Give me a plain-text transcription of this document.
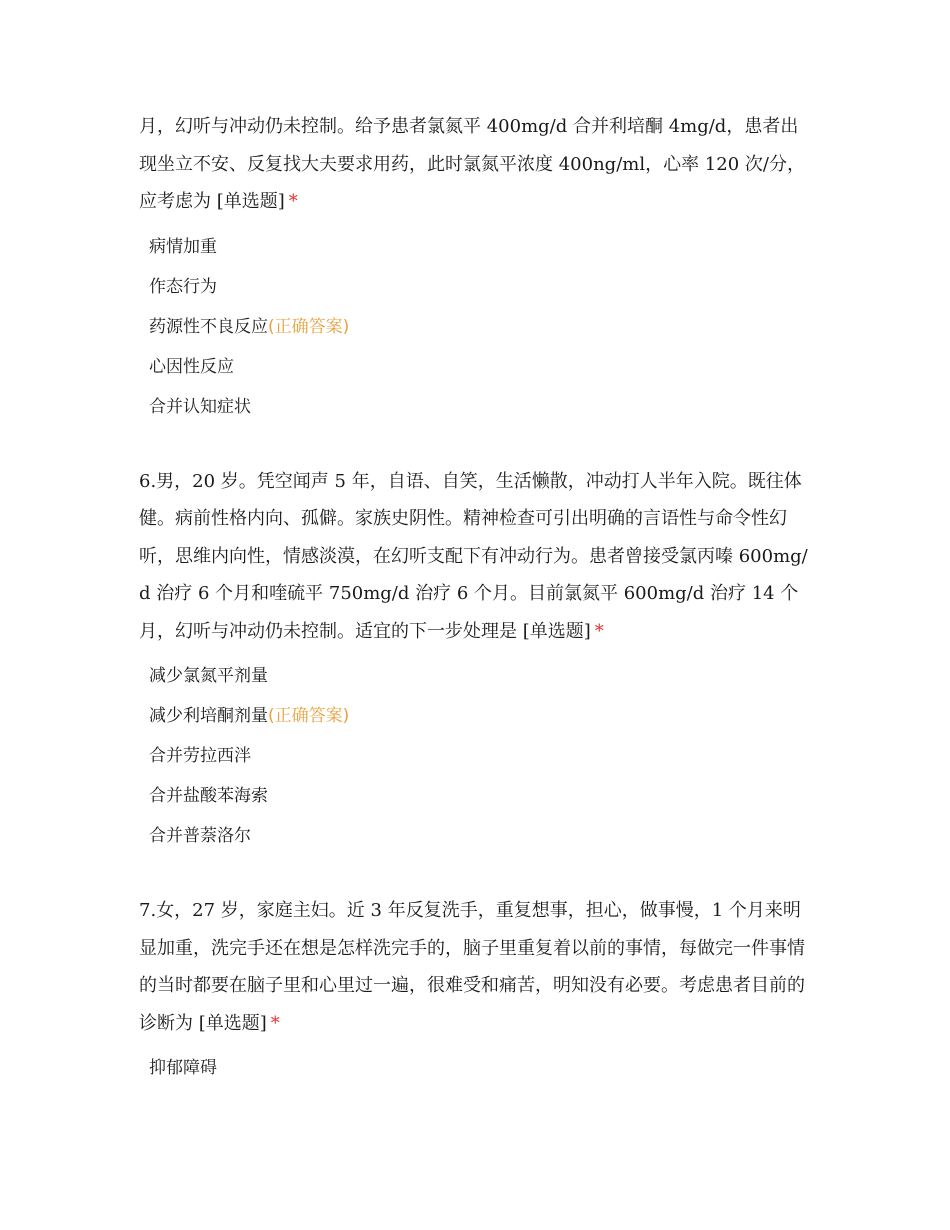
月，幻听与冲动仍未控制。给予患者氯氮平 400mg/d 合并利培酮 4mg/d，患者出现坐立不安、反复找大夫要求用药，此时氯氮平浓度 400ng/ml，心率 120 次/分，应考虑为 [单选题] *

病情加重
作态行为
药源性不良反应(正确答案)
心因性反应
合并认知症状

6.男，20 岁。凭空闻声 5 年，自语、自笑，生活懒散，冲动打人半年入院。既往体健。病前性格内向、孤僻。家族史阴性。精神检查可引出明确的言语性与命令性幻听，思维内向性，情感淡漠，在幻听支配下有冲动行为。患者曾接受氯丙嗪 600mg/d 治疗 6 个月和喹硫平 750mg/d 治疗 6 个月。目前氯氮平 600mg/d 治疗 14 个月，幻听与冲动仍未控制。适宜的下一步处理是 [单选题] *

减少氯氮平剂量
减少利培酮剂量(正确答案)
合并劳拉西泮
合并盐酸苯海索
合并普萘洛尔

7.女，27 岁，家庭主妇。近 3 年反复洗手，重复想事，担心，做事慢，1 个月来明显加重，洗完手还在想是怎样洗完手的，脑子里重复着以前的事情，每做完一件事情的当时都要在脑子里和心里过一遍，很难受和痛苦，明知没有必要。考虑患者目前的诊断为 [单选题] *

抑郁障碍
